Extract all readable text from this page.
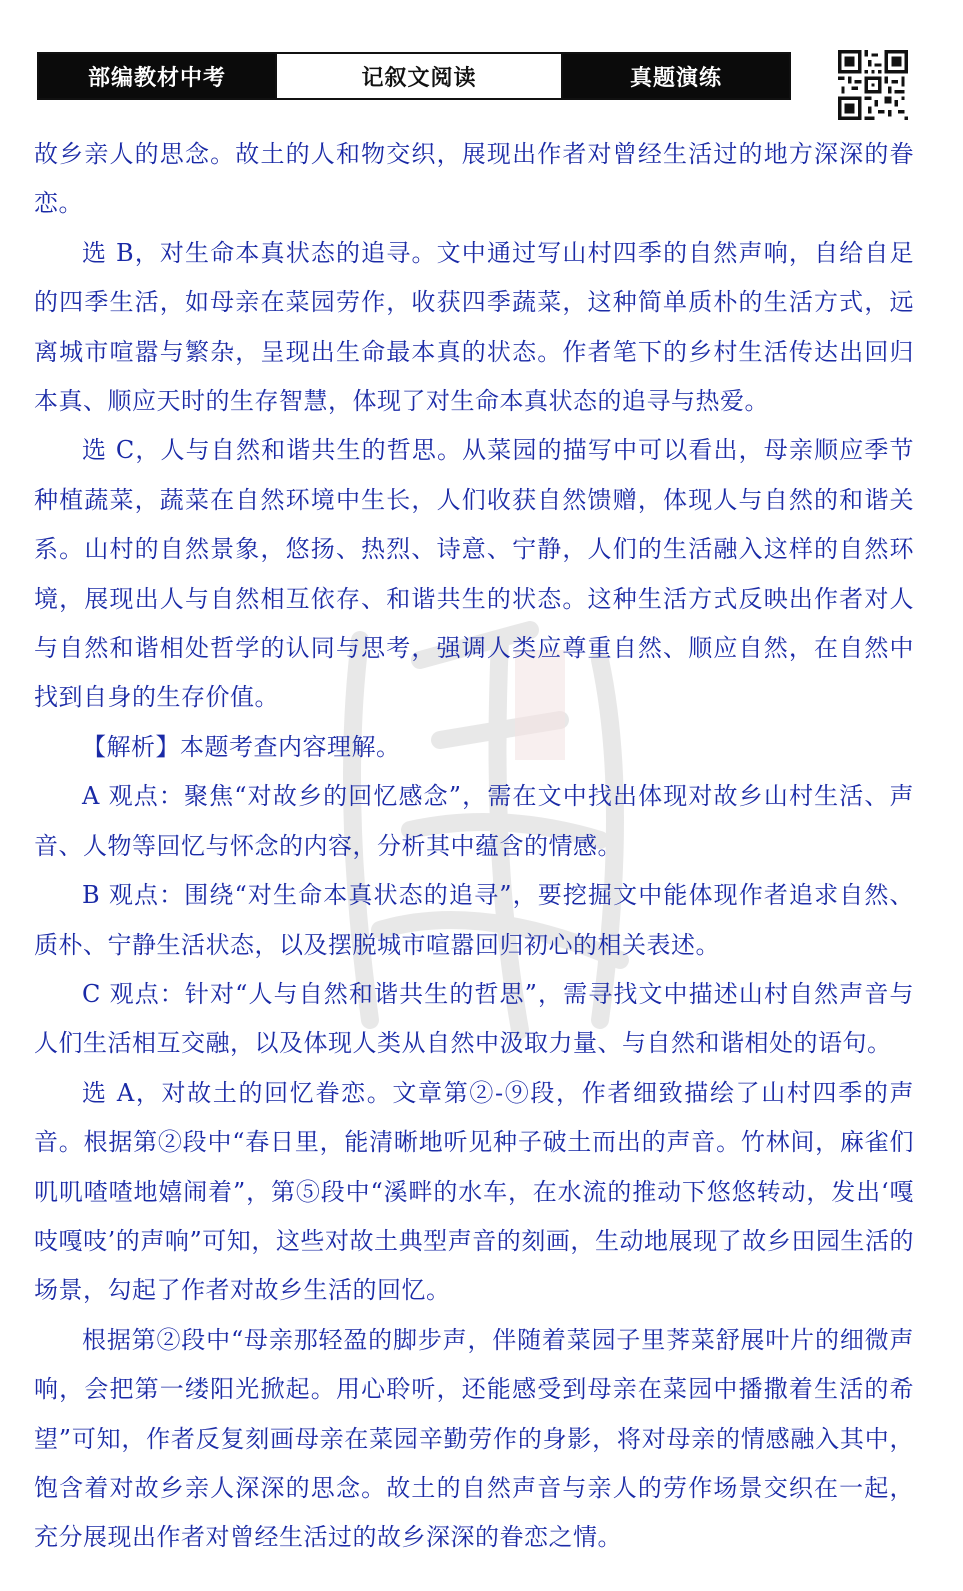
部编教材中考	记叙文阅读	真题演练

故乡亲人的思念。故土的人和物交织，展现出作者对曾经生活过的地方深深的眷恋。

选 B，对生命本真状态的追寻。文中通过写山村四季的自然声响，自给自足的四季生活，如母亲在菜园劳作，收获四季蔬菜，这种简单质朴的生活方式，远离城市喧嚣与繁杂，呈现出生命最本真的状态。作者笔下的乡村生活传达出回归本真、顺应天时的生存智慧，体现了对生命本真状态的追寻与热爱。

选 C，人与自然和谐共生的哲思。从菜园的描写中可以看出，母亲顺应季节种植蔬菜，蔬菜在自然环境中生长，人们收获自然馈赠，体现人与自然的和谐关系。山村的自然景象，悠扬、热烈、诗意、宁静，人们的生活融入这样的自然环境，展现出人与自然相互依存、和谐共生的状态。这种生活方式反映出作者对人与自然和谐相处哲学的认同与思考，强调人类应尊重自然、顺应自然，在自然中找到自身的生存价值。

【解析】本题考查内容理解。

A 观点：聚焦“对故乡的回忆感念”，需在文中找出体现对故乡山村生活、声音、人物等回忆与怀念的内容，分析其中蕴含的情感。

B 观点：围绕“对生命本真状态的追寻”，要挖掘文中能体现作者追求自然、质朴、宁静生活状态，以及摆脱城市喧嚣回归初心的相关表述。

C 观点：针对“人与自然和谐共生的哲思”，需寻找文中描述山村自然声音与人们生活相互交融，以及体现人类从自然中汲取力量、与自然和谐相处的语句。

选 A，对故土的回忆眷恋。文章第②-⑨段，作者细致描绘了山村四季的声音。根据第②段中“春日里，能清晰地听见种子破土而出的声音。竹林间，麻雀们叽叽喳喳地嬉闹着”，第⑤段中“溪畔的水车，在水流的推动下悠悠转动，发出‘嘎吱嘎吱’的声响”可知，这些对故土典型声音的刻画，生动地展现了故乡田园生活的场景，勾起了作者对故乡生活的回忆。

根据第②段中“母亲那轻盈的脚步声，伴随着菜园子里荠菜舒展叶片的细微声响，会把第一缕阳光掀起。用心聆听，还能感受到母亲在菜园中播撒着生活的希望”可知，作者反复刻画母亲在菜园辛勤劳作的身影，将对母亲的情感融入其中，饱含着对故乡亲人深深的思念。故土的自然声音与亲人的劳作场景交织在一起，充分展现出作者对曾经生活过的故乡深深的眷恋之情。
